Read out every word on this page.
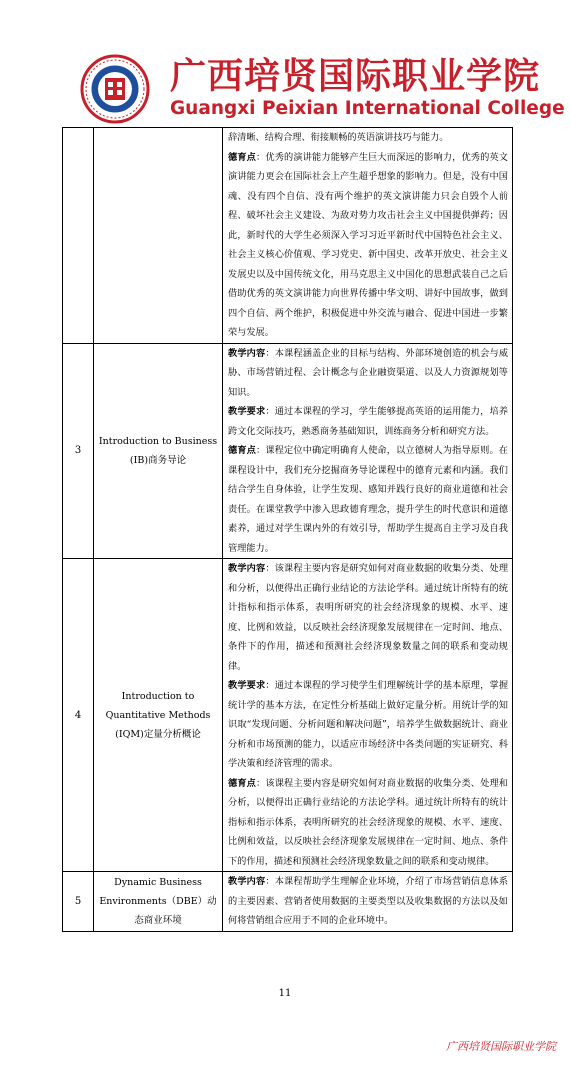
广西培贤国际职业学院
Guangxi Peixian International College

		辞清晰、结构合理、衔接顺畅的英语演讲技巧与能力。
德育点：优秀的演讲能力能够产生巨大而深远的影响力，优秀的英文演讲能力更会在国际社会上产生超乎想象的影响力。但是，没有中国魂、没有四个自信、没有两个维护的英文演讲能力只会自毁个人前程、破坏社会主义建设、为敌对势力攻击社会主义中国提供弹药；因此，新时代的大学生必须深入学习习近平新时代中国特色社会主义、社会主义核心价值观、学习党史、新中国史、改革开放史、社会主义发展史以及中国传统文化，用马克思主义中国化的思想武装自己之后借助优秀的英文演讲能力向世界传播中华文明、讲好中国故事，做到四个自信、两个维护，积极促进中外交流与融合、促进中国进一步繁荣与发展。

3	Introduction to Business (IB)商务导论	教学内容：本课程涵盖企业的目标与结构、外部环境创造的机会与威胁、市场营销过程、会计概念与企业融资渠道、以及人力资源规划等知识。
教学要求：通过本课程的学习，学生能够提高英语的运用能力，培养跨文化交际技巧，熟悉商务基础知识，训练商务分析和研究方法。
德育点：课程定位中确定明确育人使命，以立德树人为指导原则。在课程设计中，我们充分挖掘商务导论课程中的德育元素和内涵。我们结合学生自身体验，让学生发现、感知并践行良好的商业道德和社会责任。在课堂教学中渗入思政德育理念，提升学生的时代意识和道德素养，通过对学生课内外的有效引导，帮助学生提高自主学习及自我管理能力。

4	Introduction to Quantitative Methods (IQM)定量分析概论	教学内容：该课程主要内容是研究如何对商业数据的收集分类、处理和分析，以便得出正确行业结论的方法论学科。通过统计所特有的统计指标和指示体系，表明所研究的社会经济现象的规模、水平、速度、比例和效益，以反映社会经济现象发展规律在一定时间、地点、条件下的作用，描述和预测社会经济现象数量之间的联系和变动规律。
教学要求：通过本课程的学习使学生们理解统计学的基本原理，掌握统计学的基本方法，在定性分析基础上做好定量分析。用统计学的知识取“发现问题、分析问题和解决问题”，培养学生做数据统计、商业分析和市场预测的能力，以适应市场经济中各类问题的实证研究、科学决策和经济管理的需求。
德育点：该课程主要内容是研究如何对商业数据的收集分类、处理和分析，以便得出正确行业结论的方法论学科。通过统计所特有的统计指标和指示体系，表明所研究的社会经济现象的规模、水平、速度、比例和效益，以反映社会经济现象发展规律在一定时间、地点、条件下的作用，描述和预测社会经济现象数量之间的联系和变动规律。

5	Dynamic Business Environments（DBE）动态商业环境	教学内容：本课程帮助学生理解企业环境，介绍了市场营销信息体系的主要因素、营销者使用数据的主要类型以及收集数据的方法以及如何将营销组合应用于不同的企业环境中。
11
广西培贤国际职业学院
